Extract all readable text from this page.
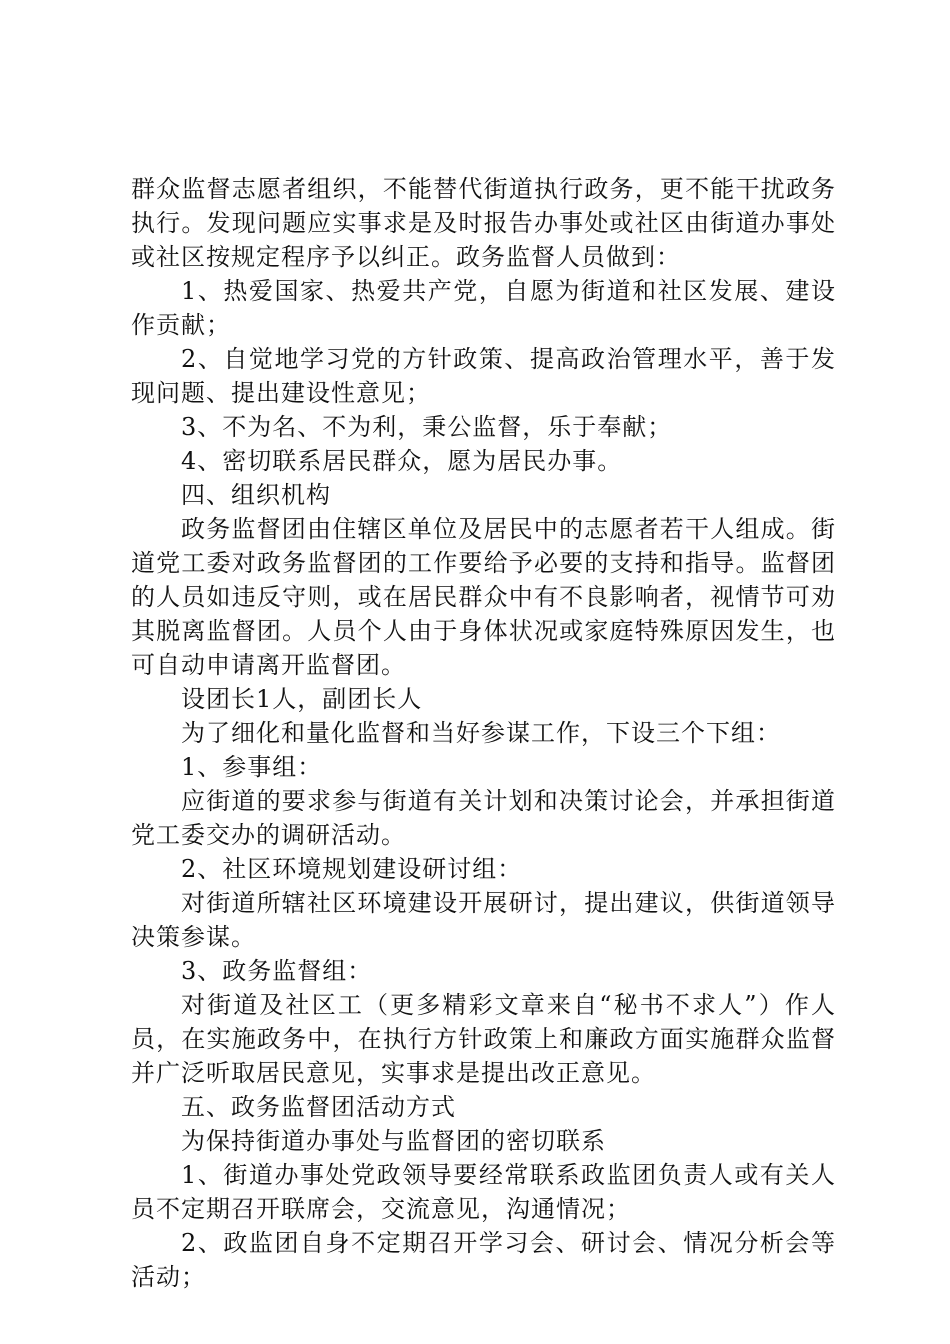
群众监督志愿者组织，不能替代街道执行政务，更不能干扰政务执行。发现问题应实事求是及时报告办事处或社区由街道办事处或社区按规定程序予以纠正。政务监督人员做到：

1、热爱国家、热爱共产党，自愿为街道和社区发展、建设作贡献；

2、自觉地学习党的方针政策、提高政治管理水平，善于发现问题、提出建设性意见；

3、不为名、不为利，秉公监督，乐于奉献；

4、密切联系居民群众，愿为居民办事。

四、组织机构

政务监督团由住辖区单位及居民中的志愿者若干人组成。街道党工委对政务监督团的工作要给予必要的支持和指导。监督团的人员如违反守则，或在居民群众中有不良影响者，视情节可劝其脱离监督团。人员个人由于身体状况或家庭特殊原因发生，也可自动申请离开监督团。

设团长1人，副团长人

为了细化和量化监督和当好参谋工作，下设三个下组：

1、参事组：

应街道的要求参与街道有关计划和决策讨论会，并承担街道党工委交办的调研活动。

2、社区环境规划建设研讨组：

对街道所辖社区环境建设开展研讨，提出建议，供街道领导决策参谋。

3、政务监督组：

对街道及社区工（更多精彩文章来自“秘书不求人”）作人员，在实施政务中，在执行方针政策上和廉政方面实施群众监督并广泛听取居民意见，实事求是提出改正意见。

五、政务监督团活动方式

为保持街道办事处与监督团的密切联系

1、街道办事处党政领导要经常联系政监团负责人或有关人员不定期召开联席会，交流意见，沟通情况；

2、政监团自身不定期召开学习会、研讨会、情况分析会等活动；
